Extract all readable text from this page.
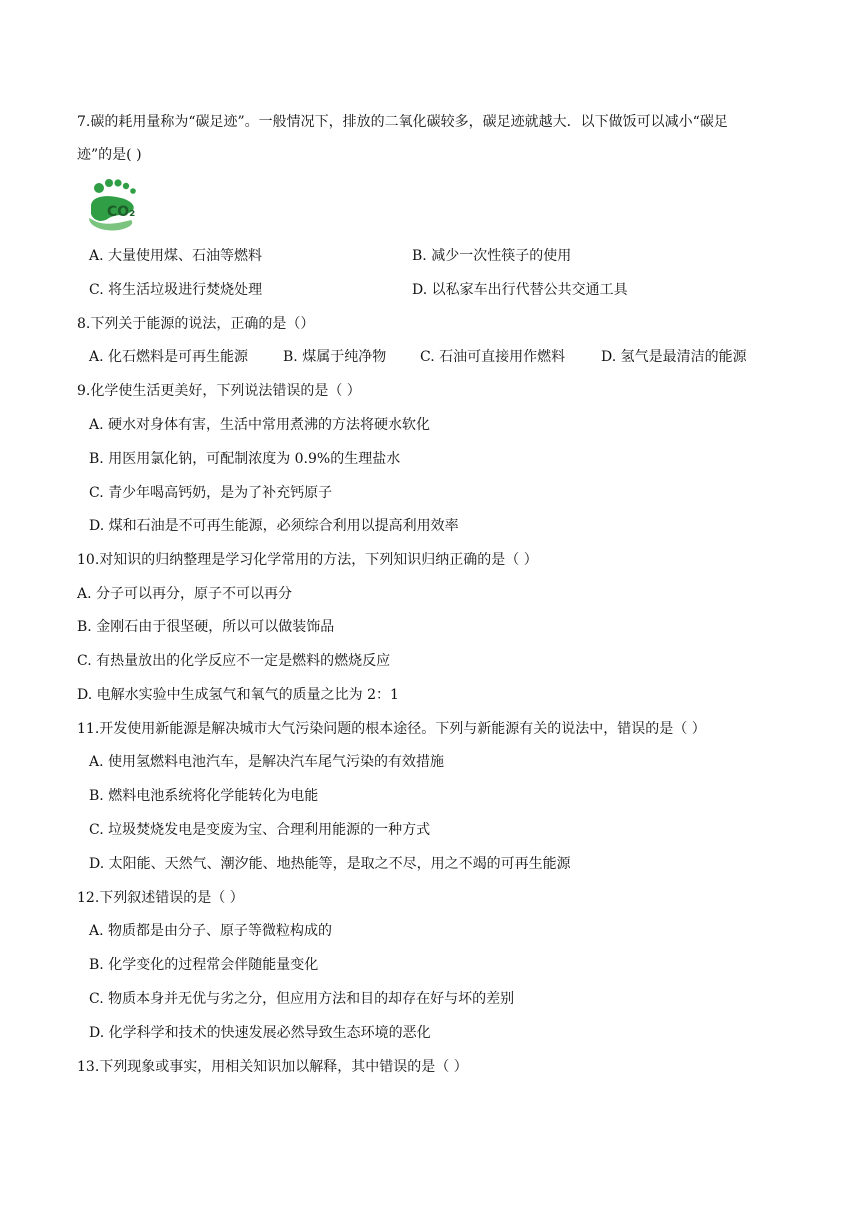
7.碳的耗用量称为“碳足迹”。一般情况下，排放的二氧化碳较多，碳足迹就越大．以下做饭可以减小“碳足
迹”的是( )
CO₂
A. 大量使用煤、石油等燃料	B. 减少一次性筷子的使用
C. 将生活垃圾进行焚烧处理	D. 以私家车出行代替公共交通工具
8.下列关于能源的说法，正确的是（）
A. 化石燃料是可再生能源 B. 煤属于纯净物 C. 石油可直接用作燃料	D. 氢气是最清洁的能源
9.化学使生活更美好，下列说法错误的是（ ）
A. 硬水对身体有害，生活中常用煮沸的方法将硬水软化
B. 用医用氯化钠，可配制浓度为 0.9%的生理盐水
C. 青少年喝高钙奶，是为了补充钙原子
D. 煤和石油是不可再生能源，必须综合利用以提高利用效率
10.对知识的归纳整理是学习化学常用的方法，下列知识归纳正确的是（ ）
A. 分子可以再分，原子不可以再分
B. 金刚石由于很坚硬，所以可以做装饰品
C. 有热量放出的化学反应不一定是燃料的燃烧反应
D. 电解水实验中生成氢气和氧气的质量之比为 2：1
11.开发使用新能源是解决城市大气污染问题的根本途径。下列与新能源有关的说法中，错误的是（ ）
A. 使用氢燃料电池汽车，是解决汽车尾气污染的有效措施
B. 燃料电池系统将化学能转化为电能
C. 垃圾焚烧发电是变废为宝、合理利用能源的一种方式
D. 太阳能、天然气、潮汐能、地热能等，是取之不尽，用之不竭的可再生能源
12.下列叙述错误的是（ ）
A. 物质都是由分子、原子等微粒构成的
B. 化学变化的过程常会伴随能量变化
C. 物质本身并无优与劣之分，但应用方法和目的却存在好与坏的差别
D. 化学科学和技术的快速发展必然导致生态环境的恶化
13.下列现象或事实，用相关知识加以解释，其中错误的是（ ）
